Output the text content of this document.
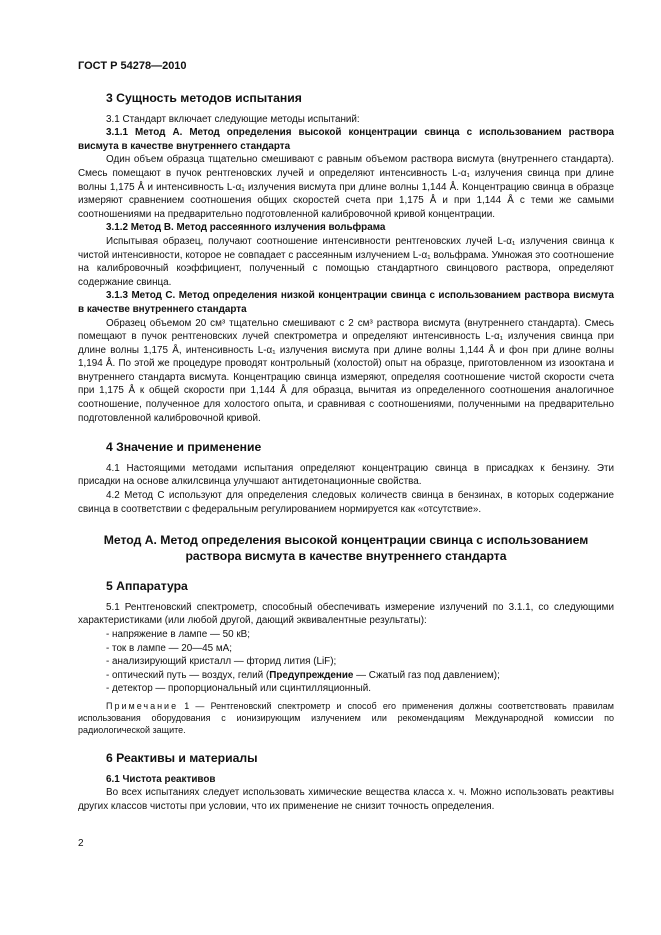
ГОСТ Р 54278—2010
3 Сущность методов испытания

3.1 Стандарт включает следующие методы испытаний:

3.1.1 Метод А. Метод определения высокой концентрации свинца с использованием раствора висмута в качестве внутреннего стандарта

Один объем образца тщательно смешивают с равным объемом раствора висмута (внутреннего стандарта). Смесь помещают в пучок рентгеновских лучей и определяют интенсивность L-α₁ излучения свинца при длине волны 1,175 Å и интенсивность L-α₁ излучения висмута при длине волны 1,144 Å. Концентрацию свинца в образце измеряют сравнением соотношения общих скоростей счета при 1,175 Å и при 1,144 Å с теми же самыми соотношениями на предварительно подготовленной калибровочной кривой концентрации.

3.1.2 Метод В. Метод рассеянного излучения вольфрама

Испытывая образец, получают соотношение интенсивности рентгеновских лучей L-α₁ излучения свинца к чистой интенсивности, которое не совпадает с рассеянным излучением L-α₁ вольфрама. Умножая это соотношение на калибровочный коэффициент, полученный с помощью стандартного свинцового раствора, определяют содержание свинца.

3.1.3 Метод С. Метод определения низкой концентрации свинца с использованием раствора висмута в качестве внутреннего стандарта

Образец объемом 20 см³ тщательно смешивают с 2 см³ раствора висмута (внутреннего стандарта). Смесь помещают в пучок рентгеновских лучей спектрометра и определяют интенсивность L-α₁ излучения свинца при длине волны 1,175 Å, интенсивность L-α₁ излучения висмута при длине волны 1,144 Å и фон при длине волны 1,194 Å. По этой же процедуре проводят контрольный (холостой) опыт на образце, приготовленном из изооктана и внутреннего стандарта висмута. Концентрацию свинца измеряют, определяя соотношение чистой скорости счета при 1,175 Å к общей скорости при 1,144 Å для образца, вычитая из определенного соотношения аналогичное соотношение, полученное для холостого опыта, и сравнивая с соотношениями, полученными на предварительно подготовленной калибровочной кривой.

4 Значение и применение

4.1 Настоящими методами испытания определяют концентрацию свинца в присадках к бензину. Эти присадки на основе алкилсвинца улучшают антидетонационные свойства.

4.2 Метод С используют для определения следовых количеств свинца в бензинах, в которых содержание свинца в соответствии с федеральным регулированием нормируется как «отсутствие».

Метод А. Метод определения высокой концентрации свинца с использованием раствора висмута в качестве внутреннего стандарта

5 Аппаратура

5.1 Рентгеновский спектрометр, способный обеспечивать измерение излучений по 3.1.1, со следующими характеристиками (или любой другой, дающий эквивалентные результаты):

- напряжение в лампе — 50 кВ;
- ток в лампе — 20—45 мА;
- анализирующий кристалл — фторид лития (LiF);
- оптический путь — воздух, гелий (Предупреждение — Сжатый газ под давлением);
- детектор — пропорциональный или сцинтилляционный.

Примечание 1 — Рентгеновский спектрометр и способ его применения должны соответствовать правилам использования оборудования с ионизирующим излучением или рекомендациям Международной комиссии по радиологической защите.

6 Реактивы и материалы

6.1 Чистота реактивов

Во всех испытаниях следует использовать химические вещества класса х. ч. Можно использовать реактивы других классов чистоты при условии, что их применение не снизит точность определения.

2
